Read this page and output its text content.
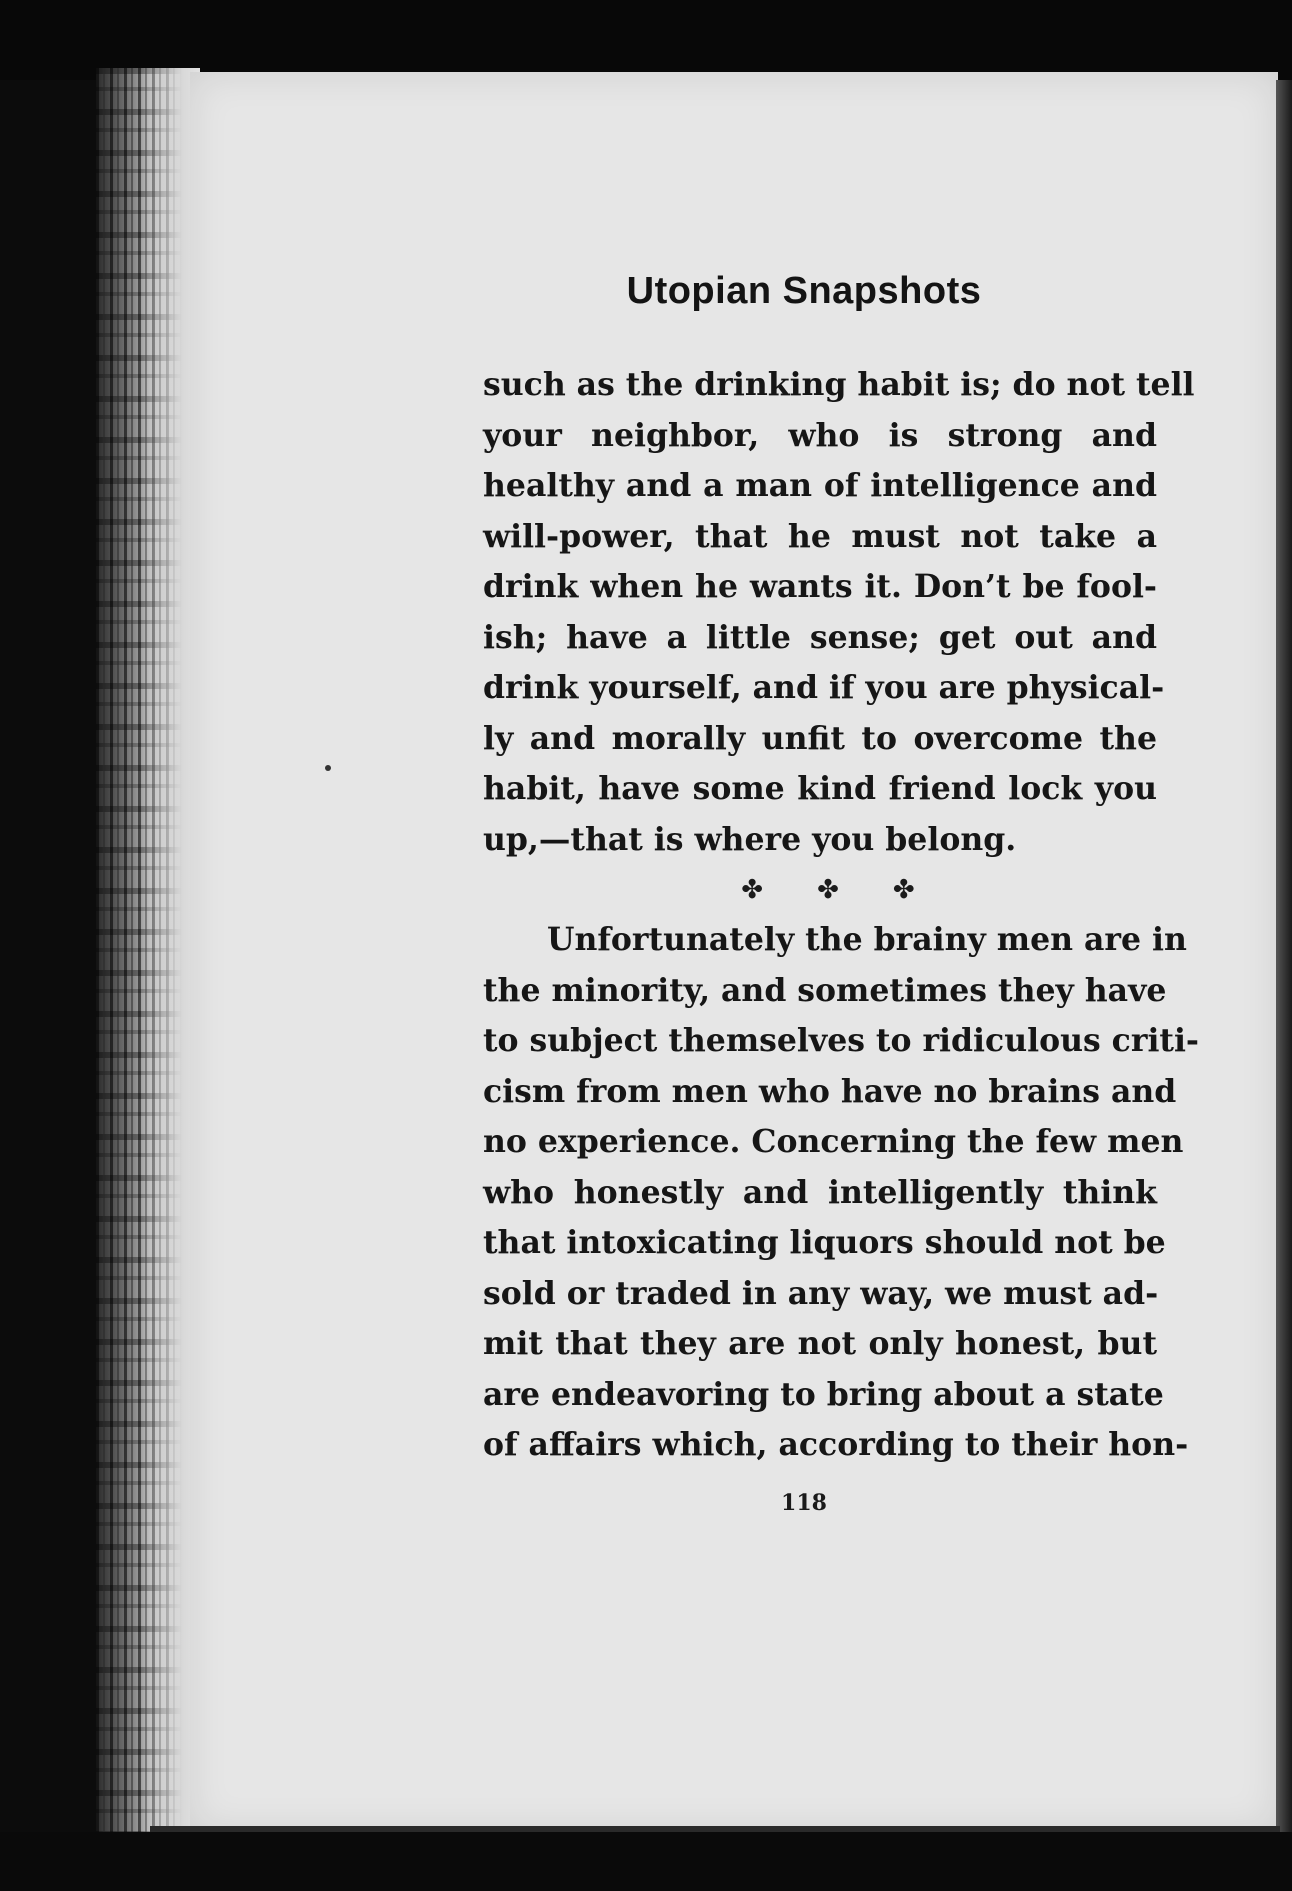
Utopian Snapshots
such as the drinking habit is; do not tell
your neighbor, who is strong and
healthy and a man of intelligence and
will-power, that he must not take a
drink when he wants it. Don’t be fool-
ish; have a little sense; get out and
drink yourself, and if you are physical-
ly and morally unfit to overcome the
habit, have some kind friend lock you
up,—that is where you belong.
✤ ✤ ✤
Unfortunately the brainy men are in
the minority, and sometimes they have
to subject themselves to ridiculous criti-
cism from men who have no brains and
no experience. Concerning the few men
who honestly and intelligently think
that intoxicating liquors should not be
sold or traded in any way, we must ad-
mit that they are not only honest, but
are endeavoring to bring about a state
of affairs which, according to their hon-
118
